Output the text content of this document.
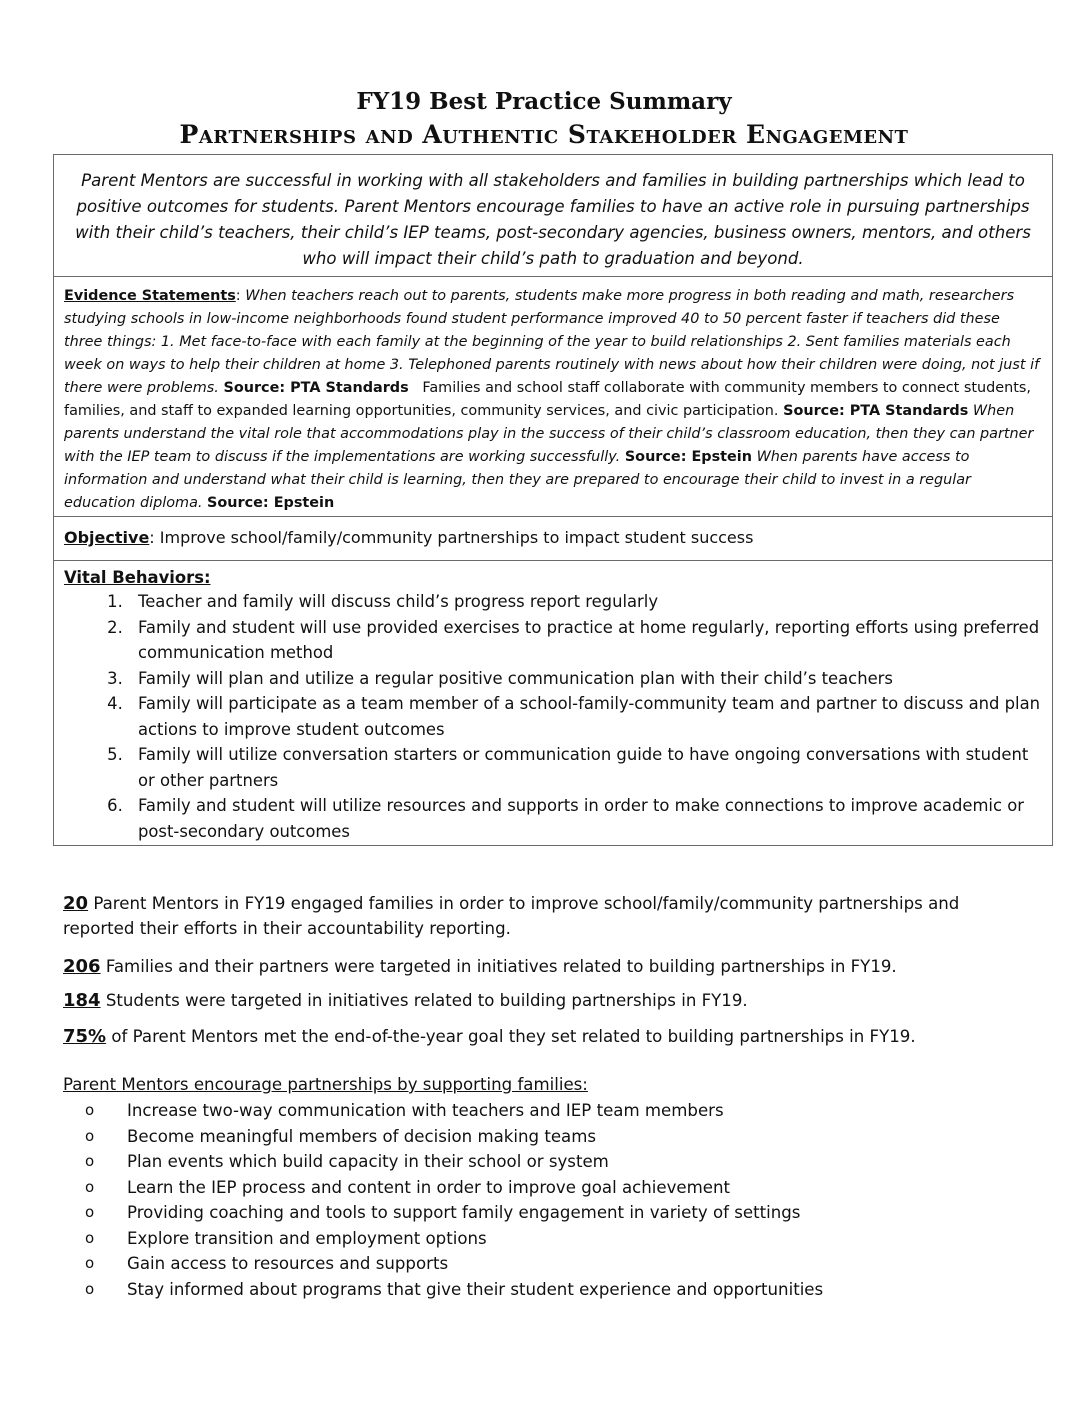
FY19 Best Practice Summary
Partnerships and Authentic Stakeholder Engagement

Parent Mentors are successful in working with all stakeholders and families in building partnerships which lead to positive outcomes for students. Parent Mentors encourage families to have an active role in pursuing partnerships with their child’s teachers, their child’s IEP teams, post-secondary agencies, business owners, mentors, and others who will impact their child’s path to graduation and beyond.

Evidence Statements: When teachers reach out to parents, students make more progress in both reading and math, researchers studying schools in low-income neighborhoods found student performance improved 40 to 50 percent faster if teachers did these three things: 1. Met face-to-face with each family at the beginning of the year to build relationships 2. Sent families materials each week on ways to help their children at home 3. Telephoned parents routinely with news about how their children were doing, not just if there were problems. Source: PTA Standards Families and school staff collaborate with community members to connect students, families, and staff to expanded learning opportunities, community services, and civic participation. Source: PTA Standards When parents understand the vital role that accommodations play in the success of their child’s classroom education, then they can partner with the IEP team to discuss if the implementations are working successfully. Source: Epstein When parents have access to information and understand what their child is learning, then they are prepared to encourage their child to invest in a regular education diploma. Source: Epstein
Objective: Improve school/family/community partnerships to impact student success
Vital Behaviors:
1. Teacher and family will discuss child’s progress report regularly
2. Family and student will use provided exercises to practice at home regularly, reporting efforts using preferred communication method
3. Family will plan and utilize a regular positive communication plan with their child’s teachers
4. Family will participate as a team member of a school-family-community team and partner to discuss and plan actions to improve student outcomes
5. Family will utilize conversation starters or communication guide to have ongoing conversations with student or other partners
6. Family and student will utilize resources and supports in order to make connections to improve academic or post-secondary outcomes
20 Parent Mentors in FY19 engaged families in order to improve school/family/community partnerships and reported their efforts in their accountability reporting.
206 Families and their partners were targeted in initiatives related to building partnerships in FY19.
184 Students were targeted in initiatives related to building partnerships in FY19.
75% of Parent Mentors met the end-of-the-year goal they set related to building partnerships in FY19.
Parent Mentors encourage partnerships by supporting families:
o Increase two-way communication with teachers and IEP team members
o Become meaningful members of decision making teams
o Plan events which build capacity in their school or system
o Learn the IEP process and content in order to improve goal achievement
o Providing coaching and tools to support family engagement in variety of settings
o Explore transition and employment options
o Gain access to resources and supports
o Stay informed about programs that give their student experience and opportunities
